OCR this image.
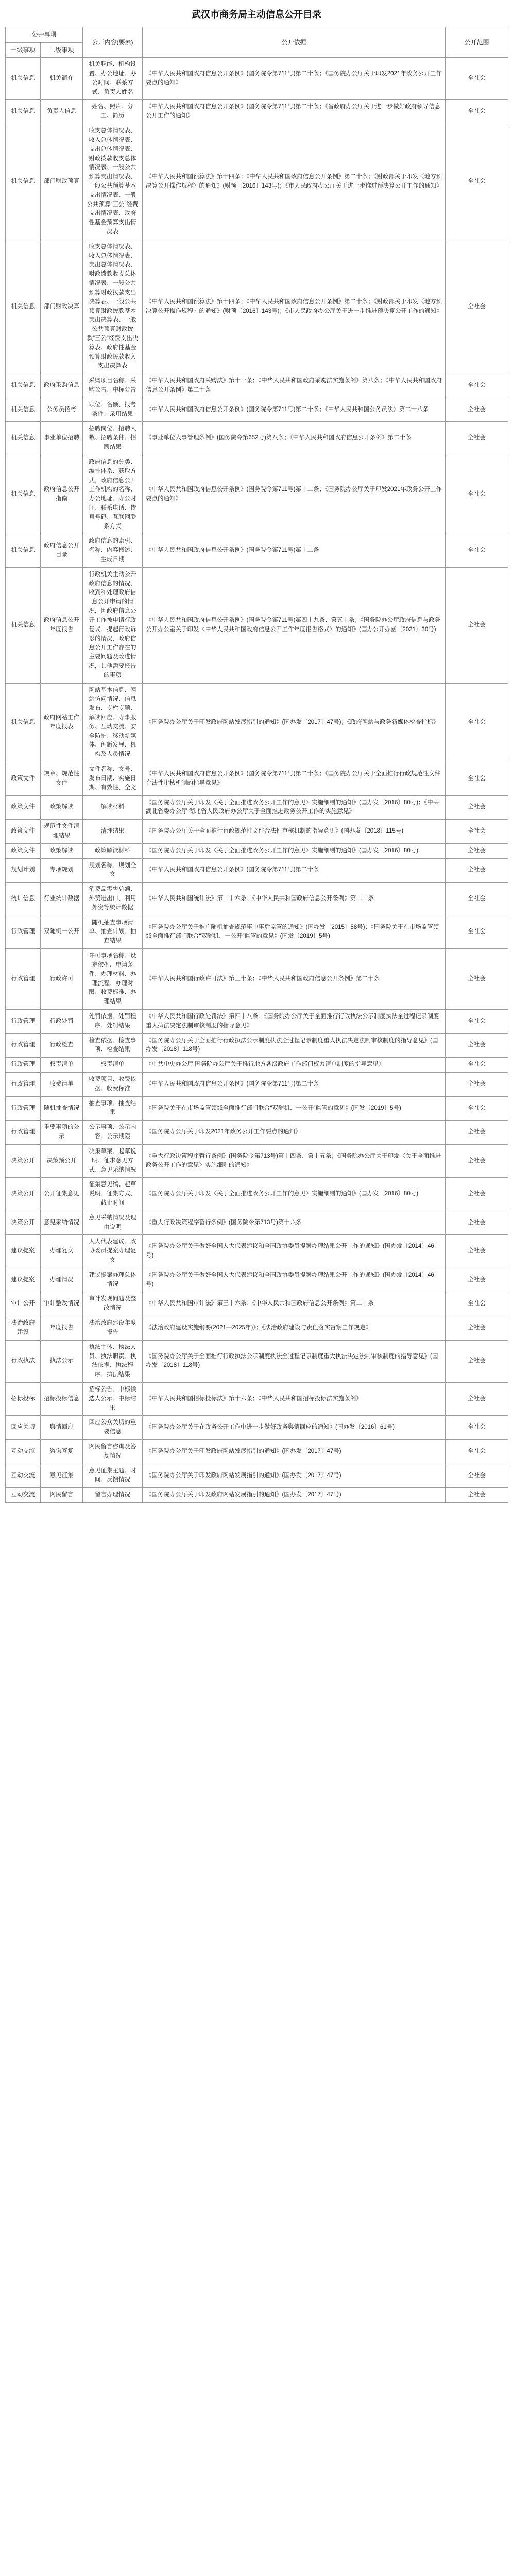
武汉市商务局主动信息公开目录
公开事项		公开内容(要素)	公开依据	公开范围
一级事项	二级事项			
机关信息	机关简介	机关职能、机构设置、办公地址、办公时间、联系方式、负责人姓名	《中华人民共和国政府信息公开条例》(国务院令第711号)第二十条；《国务院办公厅关于印发2021年政务公开工作要点的通知》	全社会
机关信息	负责人信息	姓名、照片、分工、简历	《中华人民共和国政府信息公开条例》(国务院令第711号)第二十条；《省政府办公厅关于进一步做好政府领导信息公开工作的通知》	全社会
机关信息	部门财政预算	收支总体情况表、收入总体情况表、支出总体情况表、财政拨款收支总体情况表、一般公共预算支出情况表、一般公共预算基本支出情况表、一般公共预算“三公”经费支出情况表、政府性基金预算支出情况表	《中华人民共和国预算法》第十四条；《中华人民共和国政府信息公开条例》第二十条；《财政部关于印发〈地方预决算公开操作规程〉的通知》(财预〔2016〕143号)；《市人民政府办公厅关于进一步推进预决算公开工作的通知》	全社会
机关信息	部门财政决算	收支总体情况表、收入总体情况表、支出总体情况表、财政拨款收支总体情况表、一般公共预算财政拨款支出决算表、一般公共预算财政拨款基本支出决算表、一般公共预算财政拨款“三公”经费支出决算表、政府性基金预算财政拨款收入支出决算表	《中华人民共和国预算法》第十四条；《中华人民共和国政府信息公开条例》第二十条；《财政部关于印发〈地方预决算公开操作规程〉的通知》(财预〔2016〕143号)；《市人民政府办公厅关于进一步推进预决算公开工作的通知》	全社会
机关信息	政府采购信息	采购项目名称、采购公告、中标公告	《中华人民共和国政府采购法》第十一条；《中华人民共和国政府采购法实施条例》第八条；《中华人民共和国政府信息公开条例》第二十条	全社会
机关信息	公务员招考	职位、名额、报考条件、录用结果	《中华人民共和国政府信息公开条例》(国务院令第711号)第二十条；《中华人民共和国公务员法》第二十八条	全社会
机关信息	事业单位招聘	招聘岗位、招聘人数、招聘条件、招聘结果	《事业单位人事管理条例》(国务院令第652号)第八条；《中华人民共和国政府信息公开条例》第二十条	全社会
机关信息	政府信息公开指南	政府信息的分类、编排体系、获取方式，政府信息公开工作机构的名称、办公地址、办公时间、联系电话、传真号码、互联网联系方式	《中华人民共和国政府信息公开条例》(国务院令第711号)第十二条；《国务院办公厅关于印发2021年政务公开工作要点的通知》	全社会
机关信息	政府信息公开目录	政府信息的索引、名称、内容概述、生成日期	《中华人民共和国政府信息公开条例》(国务院令第711号)第十二条	全社会
机关信息	政府信息公开年度报告	行政机关主动公开政府信息的情况，收到和处理政府信息公开申请的情况，因政府信息公开工作被申请行政复议、提起行政诉讼的情况，政府信息公开工作存在的主要问题及改进情况，其他需要报告的事项	《中华人民共和国政府信息公开条例》(国务院令第711号)第四十九条、第五十条；《国务院办公厅政府信息与政务公开办公室关于印发〈中华人民共和国政府信息公开工作年度报告格式〉的通知》(国办公开办函〔2021〕30号)	全社会
机关信息	政府网站工作年度报表	网站基本信息、网站访问情况、信息发布、专栏专题、解读回应、办事服务、互动交流、安全防护、移动新媒体、创新发展、机构及人员情况	《国务院办公厅关于印发政府网站发展指引的通知》(国办发〔2017〕47号)；《政府网站与政务新媒体检查指标》	全社会
政策文件	规章、规范性文件	文件名称、文号、发布日期、实施日期、有效性、全文	《中华人民共和国政府信息公开条例》(国务院令第711号)第二十条；《国务院办公厅关于全面推行行政规范性文件合法性审核机制的指导意见》	全社会
政策文件	政策解读	解读材料	《国务院办公厅关于印发〈关于全面推进政务公开工作的意见〉实施细则的通知》(国办发〔2016〕80号)；《中共湖北省委办公厅 湖北省人民政府办公厅关于全面推进政务公开工作的实施意见》	全社会
政策文件	规范性文件清理结果	清理结果	《国务院办公厅关于全面推行行政规范性文件合法性审核机制的指导意见》(国办发〔2018〕115号)	全社会
政策文件	政策解读	政策解读材料	《国务院办公厅关于印发〈关于全面推进政务公开工作的意见〉实施细则的通知》(国办发〔2016〕80号)	全社会
规划计划	专项规划	规划名称、规划全文	《中华人民共和国政府信息公开条例》(国务院令第711号)第二十条	全社会
统计信息	行业统计数据	消费品零售总额、外贸进出口、利用外资等统计数据	《中华人民共和国统计法》第二十六条；《中华人民共和国政府信息公开条例》第二十条	全社会
行政管理	双随机一公开	随机抽查事项清单、抽查计划、抽查结果	《国务院办公厅关于推广随机抽查规范事中事后监管的通知》(国办发〔2015〕58号)；《国务院关于在市场监管领域全面推行部门联合“双随机、一公开”监管的意见》(国发〔2019〕5号)	全社会
行政管理	行政许可	许可事项名称、设定依据、申请条件、办理材料、办理流程、办理时限、收费标准、办理结果	《中华人民共和国行政许可法》第三十条；《中华人民共和国政府信息公开条例》第二十条	全社会
行政管理	行政处罚	处罚依据、处罚程序、处罚结果	《中华人民共和国行政处罚法》第四十八条；《国务院办公厅关于全面推行行政执法公示制度执法全过程记录制度重大执法决定法制审核制度的指导意见》	全社会
行政管理	行政检查	检查依据、检查事项、检查结果	《国务院办公厅关于全面推行行政执法公示制度执法全过程记录制度重大执法决定法制审核制度的指导意见》(国办发〔2018〕118号)	全社会
行政管理	权责清单	权责清单	《中共中央办公厅 国务院办公厅关于推行地方各级政府工作部门权力清单制度的指导意见》	全社会
行政管理	收费清单	收费项目、收费依据、收费标准	《中华人民共和国政府信息公开条例》(国务院令第711号)第二十条	全社会
行政管理	随机抽查情况	抽查事项、抽查结果	《国务院关于在市场监管领域全面推行部门联合“双随机、一公开”监管的意见》(国发〔2019〕5号)	全社会
行政管理	重要事项的公示	公示事项、公示内容、公示期限	《国务院办公厅关于印发2021年政务公开工作要点的通知》	全社会
决策公开	决策预公开	决策草案、起草说明、征求意见方式、意见采纳情况	《重大行政决策程序暂行条例》(国务院令第713号)第十四条、第十五条；《国务院办公厅关于印发〈关于全面推进政务公开工作的意见〉实施细则的通知》	全社会
决策公开	公开征集意见	征集意见稿、起草说明、征集方式、截止时间	《国务院办公厅关于印发〈关于全面推进政务公开工作的意见〉实施细则的通知》(国办发〔2016〕80号)	全社会
决策公开	意见采纳情况	意见采纳情况及理由说明	《重大行政决策程序暂行条例》(国务院令第713号)第十六条	全社会
建议提案	办理复文	人大代表建议、政协委员提案办理复文	《国务院办公厅关于做好全国人大代表建议和全国政协委员提案办理结果公开工作的通知》(国办发〔2014〕46号)	全社会
建议提案	办理情况	建议提案办理总体情况	《国务院办公厅关于做好全国人大代表建议和全国政协委员提案办理结果公开工作的通知》(国办发〔2014〕46号)	全社会
审计公开	审计整改情况	审计发现问题及整改情况	《中华人民共和国审计法》第三十六条；《中华人民共和国政府信息公开条例》第二十条	全社会
法治政府建设	年度报告	法治政府建设年度报告	《法治政府建设实施纲要(2021—2025年)》；《法治政府建设与责任落实督察工作规定》	全社会
行政执法	执法公示	执法主体、执法人员、执法职责、执法依据、执法程序、执法结果	《国务院办公厅关于全面推行行政执法公示制度执法全过程记录制度重大执法决定法制审核制度的指导意见》(国办发〔2018〕118号)	全社会
招标投标	招标投标信息	招标公告、中标候选人公示、中标结果	《中华人民共和国招标投标法》第十六条；《中华人民共和国招标投标法实施条例》	全社会
回应关切	舆情回应	回应公众关切的重要信息	《国务院办公厅关于在政务公开工作中进一步做好政务舆情回应的通知》(国办发〔2016〕61号)	全社会
互动交流	咨询答复	网民留言咨询及答复情况	《国务院办公厅关于印发政府网站发展指引的通知》(国办发〔2017〕47号)	全社会
互动交流	意见征集	意见征集主题、时间、反馈情况	《国务院办公厅关于印发政府网站发展指引的通知》(国办发〔2017〕47号)	全社会
互动交流	网民留言	留言办理情况	《国务院办公厅关于印发政府网站发展指引的通知》(国办发〔2017〕47号)	全社会
